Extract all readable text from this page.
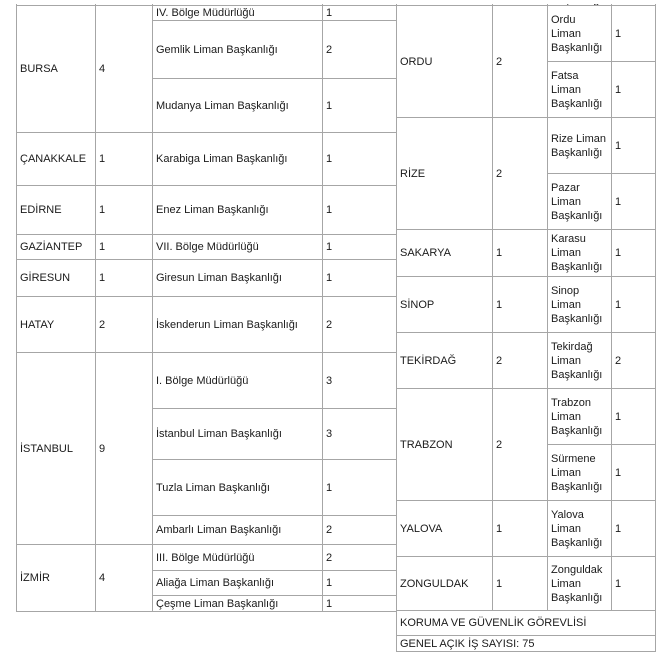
BURSA	4	IV. Bölge Müdürlüğü	1
		Gemlik Liman Başkanlığı	2
		Mudanya Liman Başkanlığı	1
ÇANAKKALE	1	Karabiga Liman Başkanlığı	1
EDİRNE	1	Enez Liman Başkanlığı	1
GAZİANTEP	1	VII. Bölge Müdürlüğü	1
GİRESUN	1	Giresun Liman Başkanlığı	1
HATAY	2	İskenderun Liman Başkanlığı	2
İSTANBUL	9	I. Bölge Müdürlüğü	3
		İstanbul Liman Başkanlığı	3
		Tuzla Liman Başkanlığı	1
		Ambarlı Liman Başkanlığı	2
İZMİR	4	III. Bölge Müdürlüğü	2
		Aliağa Liman Başkanlığı	1
		Çeşme Liman Başkanlığı	1

ORDU	2	Ordu Liman Başkanlığı	1
		Fatsa Liman Başkanlığı	1
RİZE	2	Rize Liman Başkanlığı	1
		Pazar Liman Başkanlığı	1
SAKARYA	1	Karasu Liman Başkanlığı	1
SİNOP	1	Sinop Liman Başkanlığı	1
TEKİRDAĞ	2	Tekirdağ Liman Başkanlığı	2
TRABZON	2	Trabzon Liman Başkanlığı	1
		Sürmene Liman Başkanlığı	1
YALOVA	1	Yalova Liman Başkanlığı	1
ZONGULDAK	1	Zonguldak Liman Başkanlığı	1
KORUMA VE GÜVENLİK GÖREVLİSİ			
GENEL AÇIK İŞ SAYISI: 75			
